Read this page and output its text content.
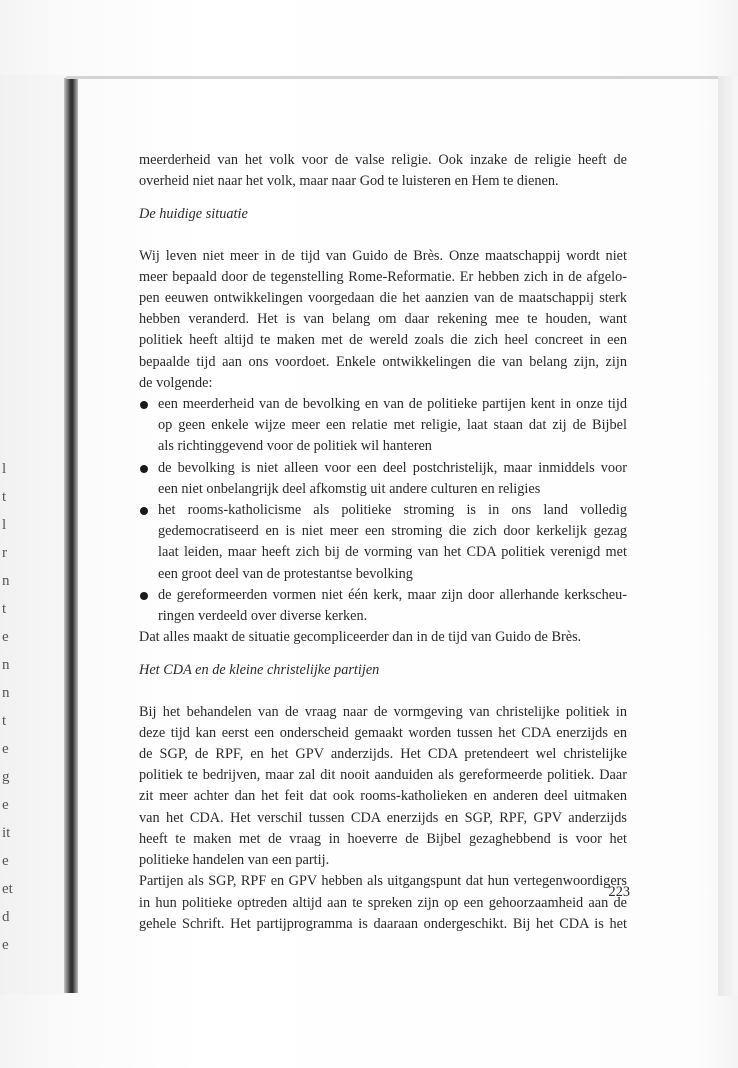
l
t
l
r
n
t
e
n
n
t
e
g
e
it
e
et
d
e

meerderheid van het volk voor de valse religie. Ook inzake de religie heeft de
overheid niet naar het volk, maar naar God te luisteren en Hem te dienen.

De huidige situatie

Wij leven niet meer in de tijd van Guido de Brès. Onze maatschappij wordt niet
meer bepaald door de tegenstelling Rome-Reformatie. Er hebben zich in de afgelo-
pen eeuwen ontwikkelingen voorgedaan die het aanzien van de maatschappij sterk
hebben veranderd. Het is van belang om daar rekening mee te houden, want
politiek heeft altijd te maken met de wereld zoals die zich heel concreet in een
bepaalde tijd aan ons voordoet. Enkele ontwikkelingen die van belang zijn, zijn
de volgende:

een meerderheid van de bevolking en van de politieke partijen kent in onze tijd
op geen enkele wijze meer een relatie met religie, laat staan dat zij de Bijbel
als richtinggevend voor de politiek wil hanteren
de bevolking is niet alleen voor een deel postchristelijk, maar inmiddels voor
een niet onbelangrijk deel afkomstig uit andere culturen en religies
het rooms-katholicisme als politieke stroming is in ons land volledig
gedemocratiseerd en is niet meer een stroming die zich door kerkelijk gezag
laat leiden, maar heeft zich bij de vorming van het CDA politiek verenigd met
een groot deel van de protestantse bevolking
de gereformeerden vormen niet één kerk, maar zijn door allerhande kerkscheu-
ringen verdeeld over diverse kerken.

Dat alles maakt de situatie gecompliceerder dan in de tijd van Guido de Brès.

Het CDA en de kleine christelijke partijen

Bij het behandelen van de vraag naar de vormgeving van christelijke politiek in
deze tijd kan eerst een onderscheid gemaakt worden tussen het CDA enerzijds en
de SGP, de RPF, en het GPV anderzijds. Het CDA pretendeert wel christelijke
politiek te bedrijven, maar zal dit nooit aanduiden als gereformeerde politiek. Daar
zit meer achter dan het feit dat ook rooms-katholieken en anderen deel uitmaken
van het CDA. Het verschil tussen CDA enerzijds en SGP, RPF, GPV anderzijds
heeft te maken met de vraag in hoeverre de Bijbel gezaghebbend is voor het
politieke handelen van een partij.

Partijen als SGP, RPF en GPV hebben als uitgangspunt dat hun vertegenwoordigers
in hun politieke optreden altijd aan te spreken zijn op een gehoorzaamheid aan de
gehele Schrift. Het partijprogramma is daaraan ondergeschikt. Bij het CDA is het

223
